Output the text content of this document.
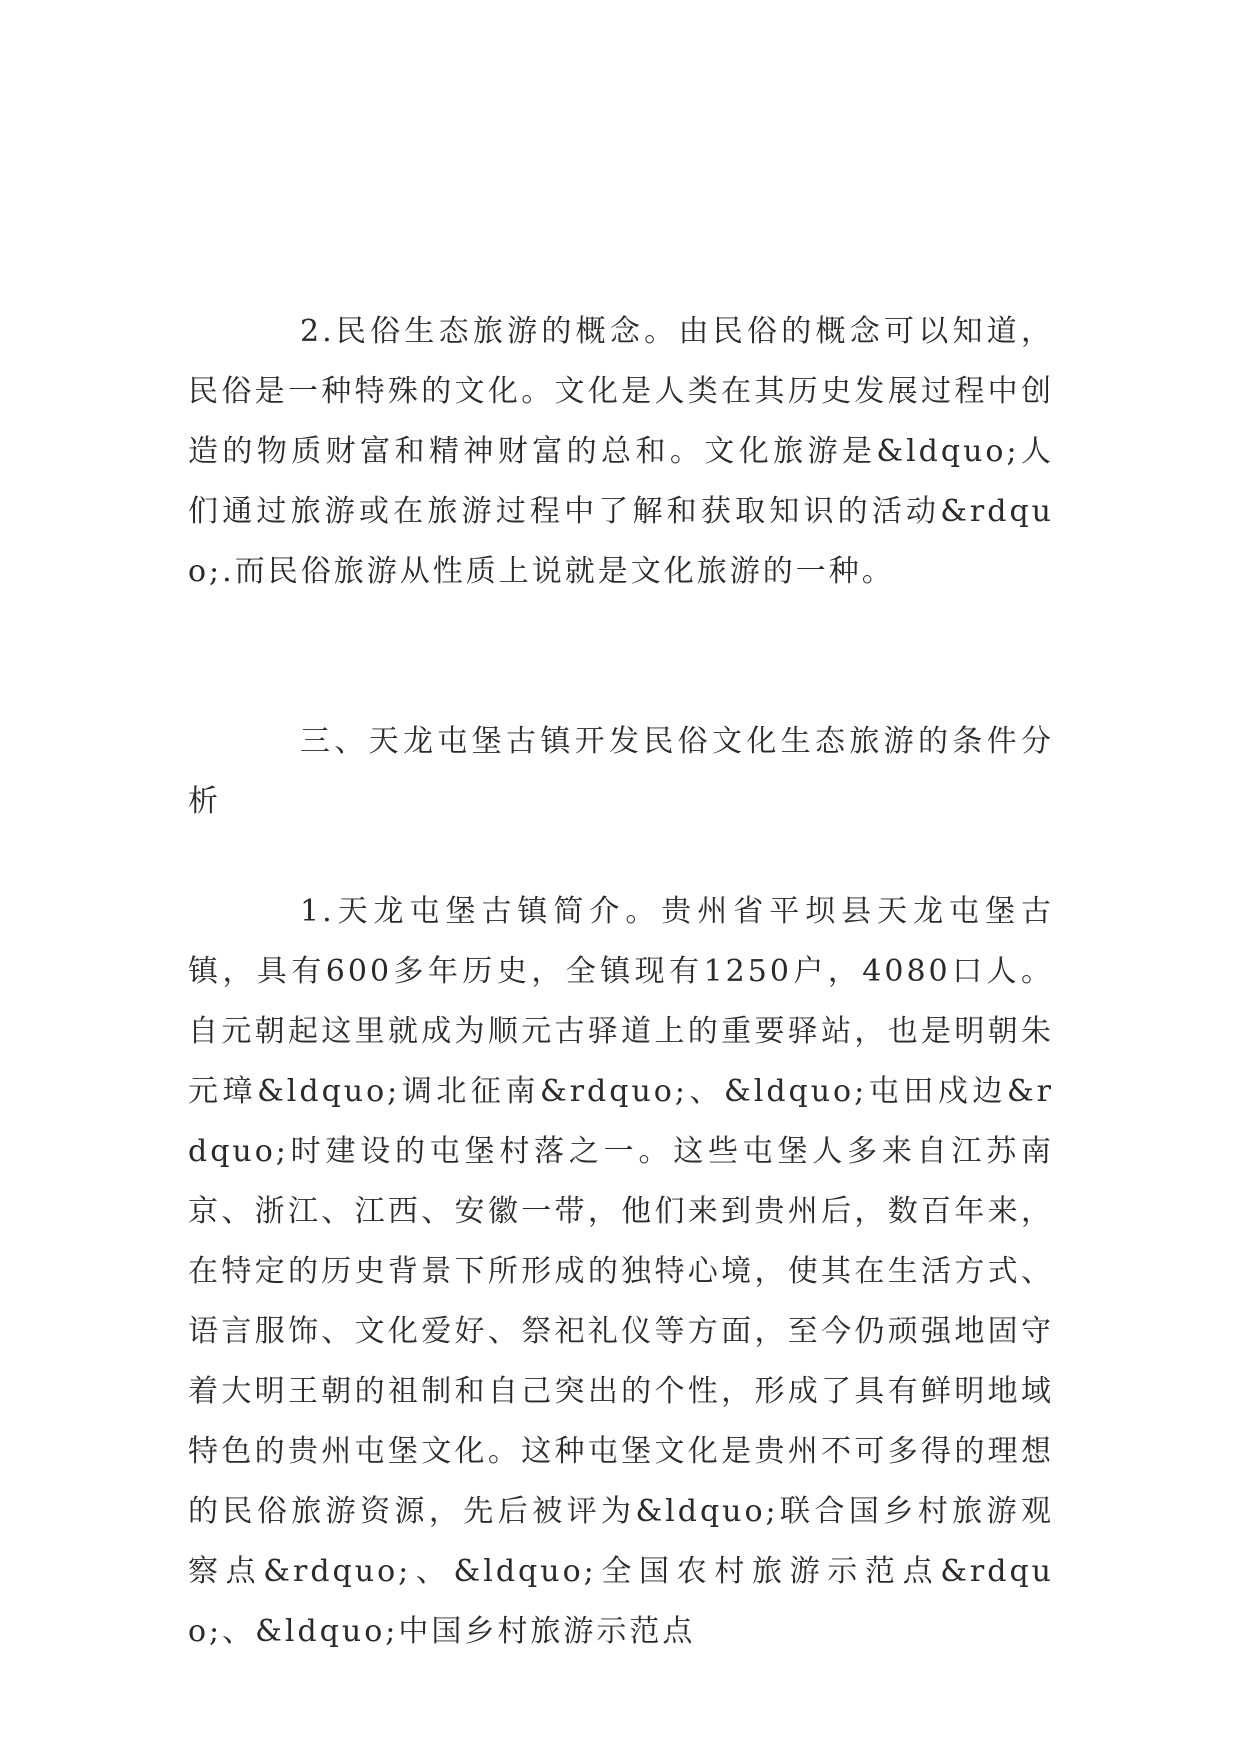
2.民俗生态旅游的概念。由民俗的概念可以知道，民俗是一种特殊的文化。文化是人类在其历史发展过程中创造的物质财富和精神财富的总和。文化旅游是&ldquo;人们通过旅游或在旅游过程中了解和获取知识的活动&rdquo;.而民俗旅游从性质上说就是文化旅游的一种。

三、天龙屯堡古镇开发民俗文化生态旅游的条件分析

1.天龙屯堡古镇简介。贵州省平坝县天龙屯堡古镇，具有600多年历史，全镇现有1250户，4080口人。自元朝起这里就成为顺元古驿道上的重要驿站，也是明朝朱元璋&ldquo;调北征南&rdquo;、&ldquo;屯田戍边&rdquo;时建设的屯堡村落之一。这些屯堡人多来自江苏南京、浙江、江西、安徽一带，他们来到贵州后，数百年来，在特定的历史背景下所形成的独特心境，使其在生活方式、语言服饰、文化爱好、祭祀礼仪等方面，至今仍顽强地固守着大明王朝的祖制和自己突出的个性，形成了具有鲜明地域特色的贵州屯堡文化。这种屯堡文化是贵州不可多得的理想的民俗旅游资源，先后被评为&ldquo;联合国乡村旅游观察点&rdquo;、&ldquo;全国农村旅游示范点&rdquo;、&ldquo;中国乡村旅游示范点
